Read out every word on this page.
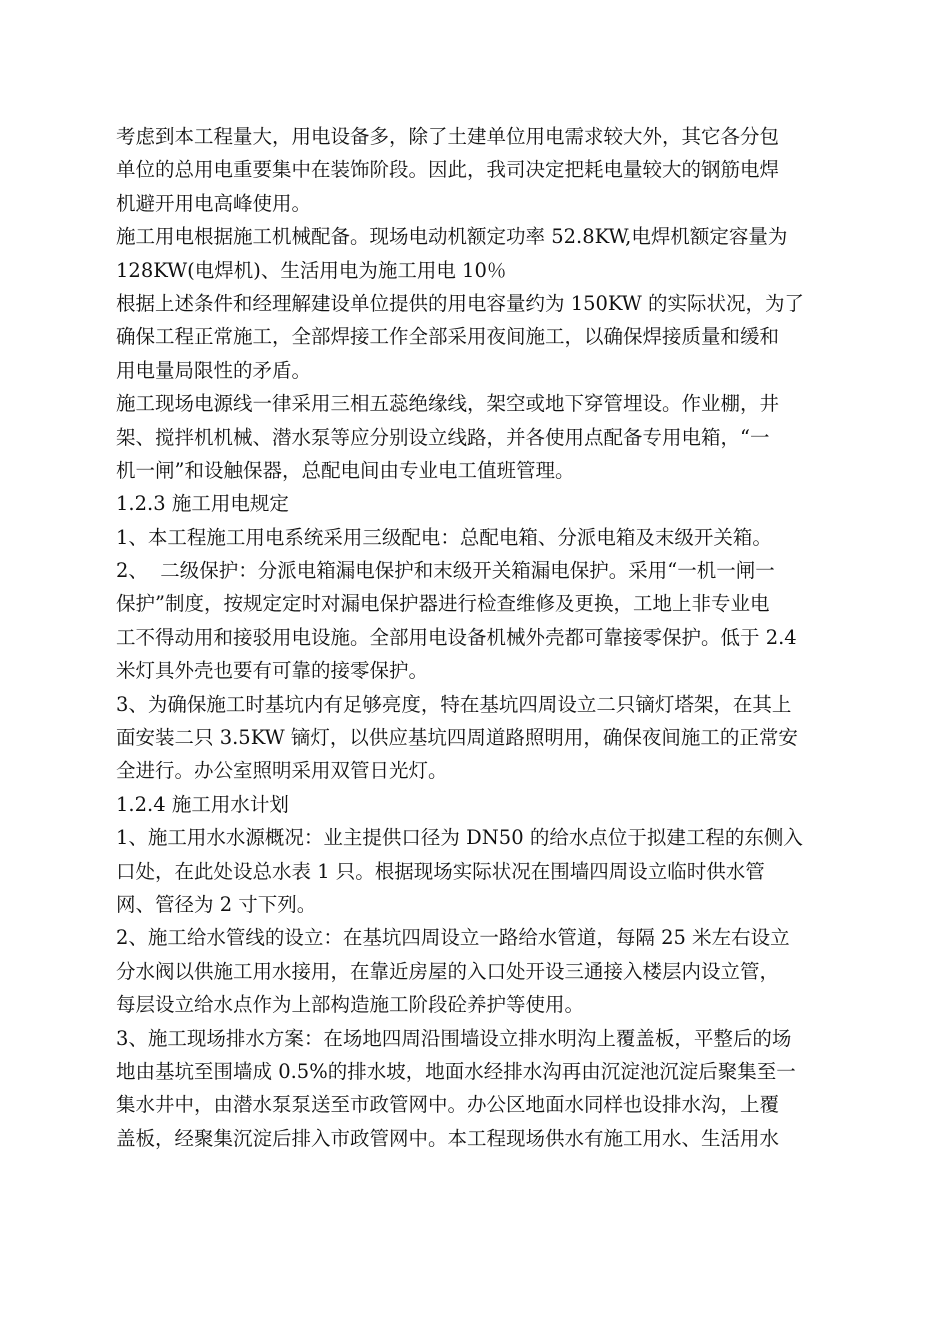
考虑到本工程量大，用电设备多，除了土建单位用电需求较大外，其它各分包
单位的总用电重要集中在装饰阶段。因此，我司决定把耗电量较大的钢筋电焊
机避开用电高峰使用。
施工用电根据施工机械配备。现场电动机额定功率 52.8KW,电焊机额定容量为
128KW(电焊机)、生活用电为施工用电 10％
根据上述条件和经理解建设单位提供的用电容量约为 150KW 的实际状况，为了
确保工程正常施工，全部焊接工作全部采用夜间施工，以确保焊接质量和缓和
用电量局限性的矛盾。
施工现场电源线一律采用三相五蕊绝缘线，架空或地下穿管埋设。作业棚，井
架、搅拌机机械、潜水泵等应分别设立线路，并各使用点配备专用电箱，“一
机一闸”和设触保器，总配电间由专业电工值班管理。
1.2.3 施工用电规定
1、本工程施工用电系统采用三级配电：总配电箱、分派电箱及末级开关箱。
2、  二级保护：分派电箱漏电保护和末级开关箱漏电保护。采用“一机一闸一
保护”制度，按规定定时对漏电保护器进行检查维修及更换，工地上非专业电
工不得动用和接驳用电设施。全部用电设备机械外壳都可靠接零保护。低于 2.4
米灯具外壳也要有可靠的接零保护。
3、为确保施工时基坑内有足够亮度，特在基坑四周设立二只镝灯塔架，在其上
面安装二只 3.5KW 镝灯，以供应基坑四周道路照明用，确保夜间施工的正常安
全进行。办公室照明采用双管日光灯。
1.2.4 施工用水计划
1、施工用水水源概况：业主提供口径为 DN50 的给水点位于拟建工程的东侧入
口处，在此处设总水表 1 只。根据现场实际状况在围墙四周设立临时供水管
网、管径为 2 寸下列。
2、施工给水管线的设立：在基坑四周设立一路给水管道，每隔 25 米左右设立
分水阀以供施工用水接用，在靠近房屋的入口处开设三通接入楼层内设立管，
每层设立给水点作为上部构造施工阶段砼养护等使用。
3、施工现场排水方案：在场地四周沿围墙设立排水明沟上覆盖板，平整后的场
地由基坑至围墙成 0.5%的排水坡，地面水经排水沟再由沉淀池沉淀后聚集至一
集水井中，由潜水泵泵送至市政管网中。办公区地面水同样也设排水沟，上覆
盖板，经聚集沉淀后排入市政管网中。本工程现场供水有施工用水、生活用水
